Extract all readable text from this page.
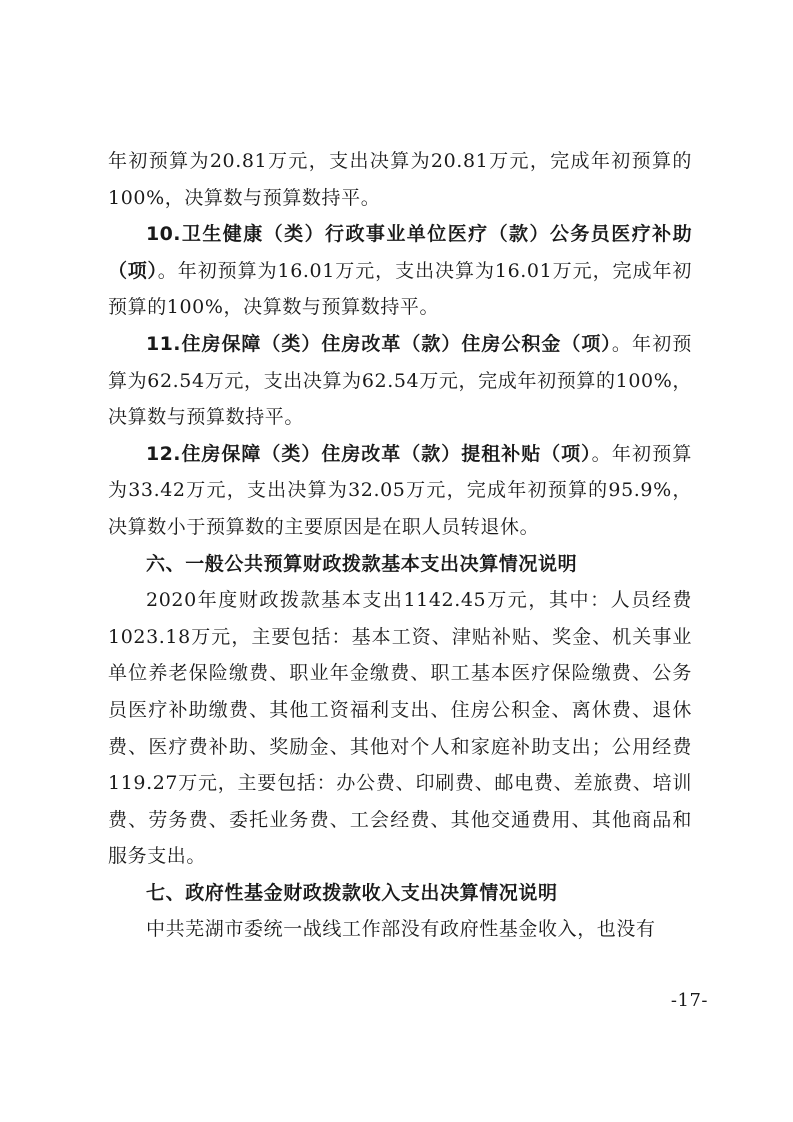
年初预算为20.81万元，支出决算为20.81万元，完成年初预算的100%，决算数与预算数持平。

10.卫生健康（类）行政事业单位医疗（款）公务员医疗补助（项）。年初预算为16.01万元，支出决算为16.01万元，完成年初预算的100%，决算数与预算数持平。

11.住房保障（类）住房改革（款）住房公积金（项）。年初预算为62.54万元，支出决算为62.54万元，完成年初预算的100%，决算数与预算数持平。

12.住房保障（类）住房改革（款）提租补贴（项）。年初预算为33.42万元，支出决算为32.05万元，完成年初预算的95.9%，决算数小于预算数的主要原因是在职人员转退休。

六、一般公共预算财政拨款基本支出决算情况说明

2020年度财政拨款基本支出1142.45万元，其中：人员经费1023.18万元，主要包括：基本工资、津贴补贴、奖金、机关事业单位养老保险缴费、职业年金缴费、职工基本医疗保险缴费、公务员医疗补助缴费、其他工资福利支出、住房公积金、离休费、退休费、医疗费补助、奖励金、其他对个人和家庭补助支出；公用经费119.27万元，主要包括：办公费、印刷费、邮电费、差旅费、培训费、劳务费、委托业务费、工会经费、其他交通费用、其他商品和服务支出。

七、政府性基金财政拨款收入支出决算情况说明

中共芜湖市委统一战线工作部没有政府性基金收入，也没有

-17-
